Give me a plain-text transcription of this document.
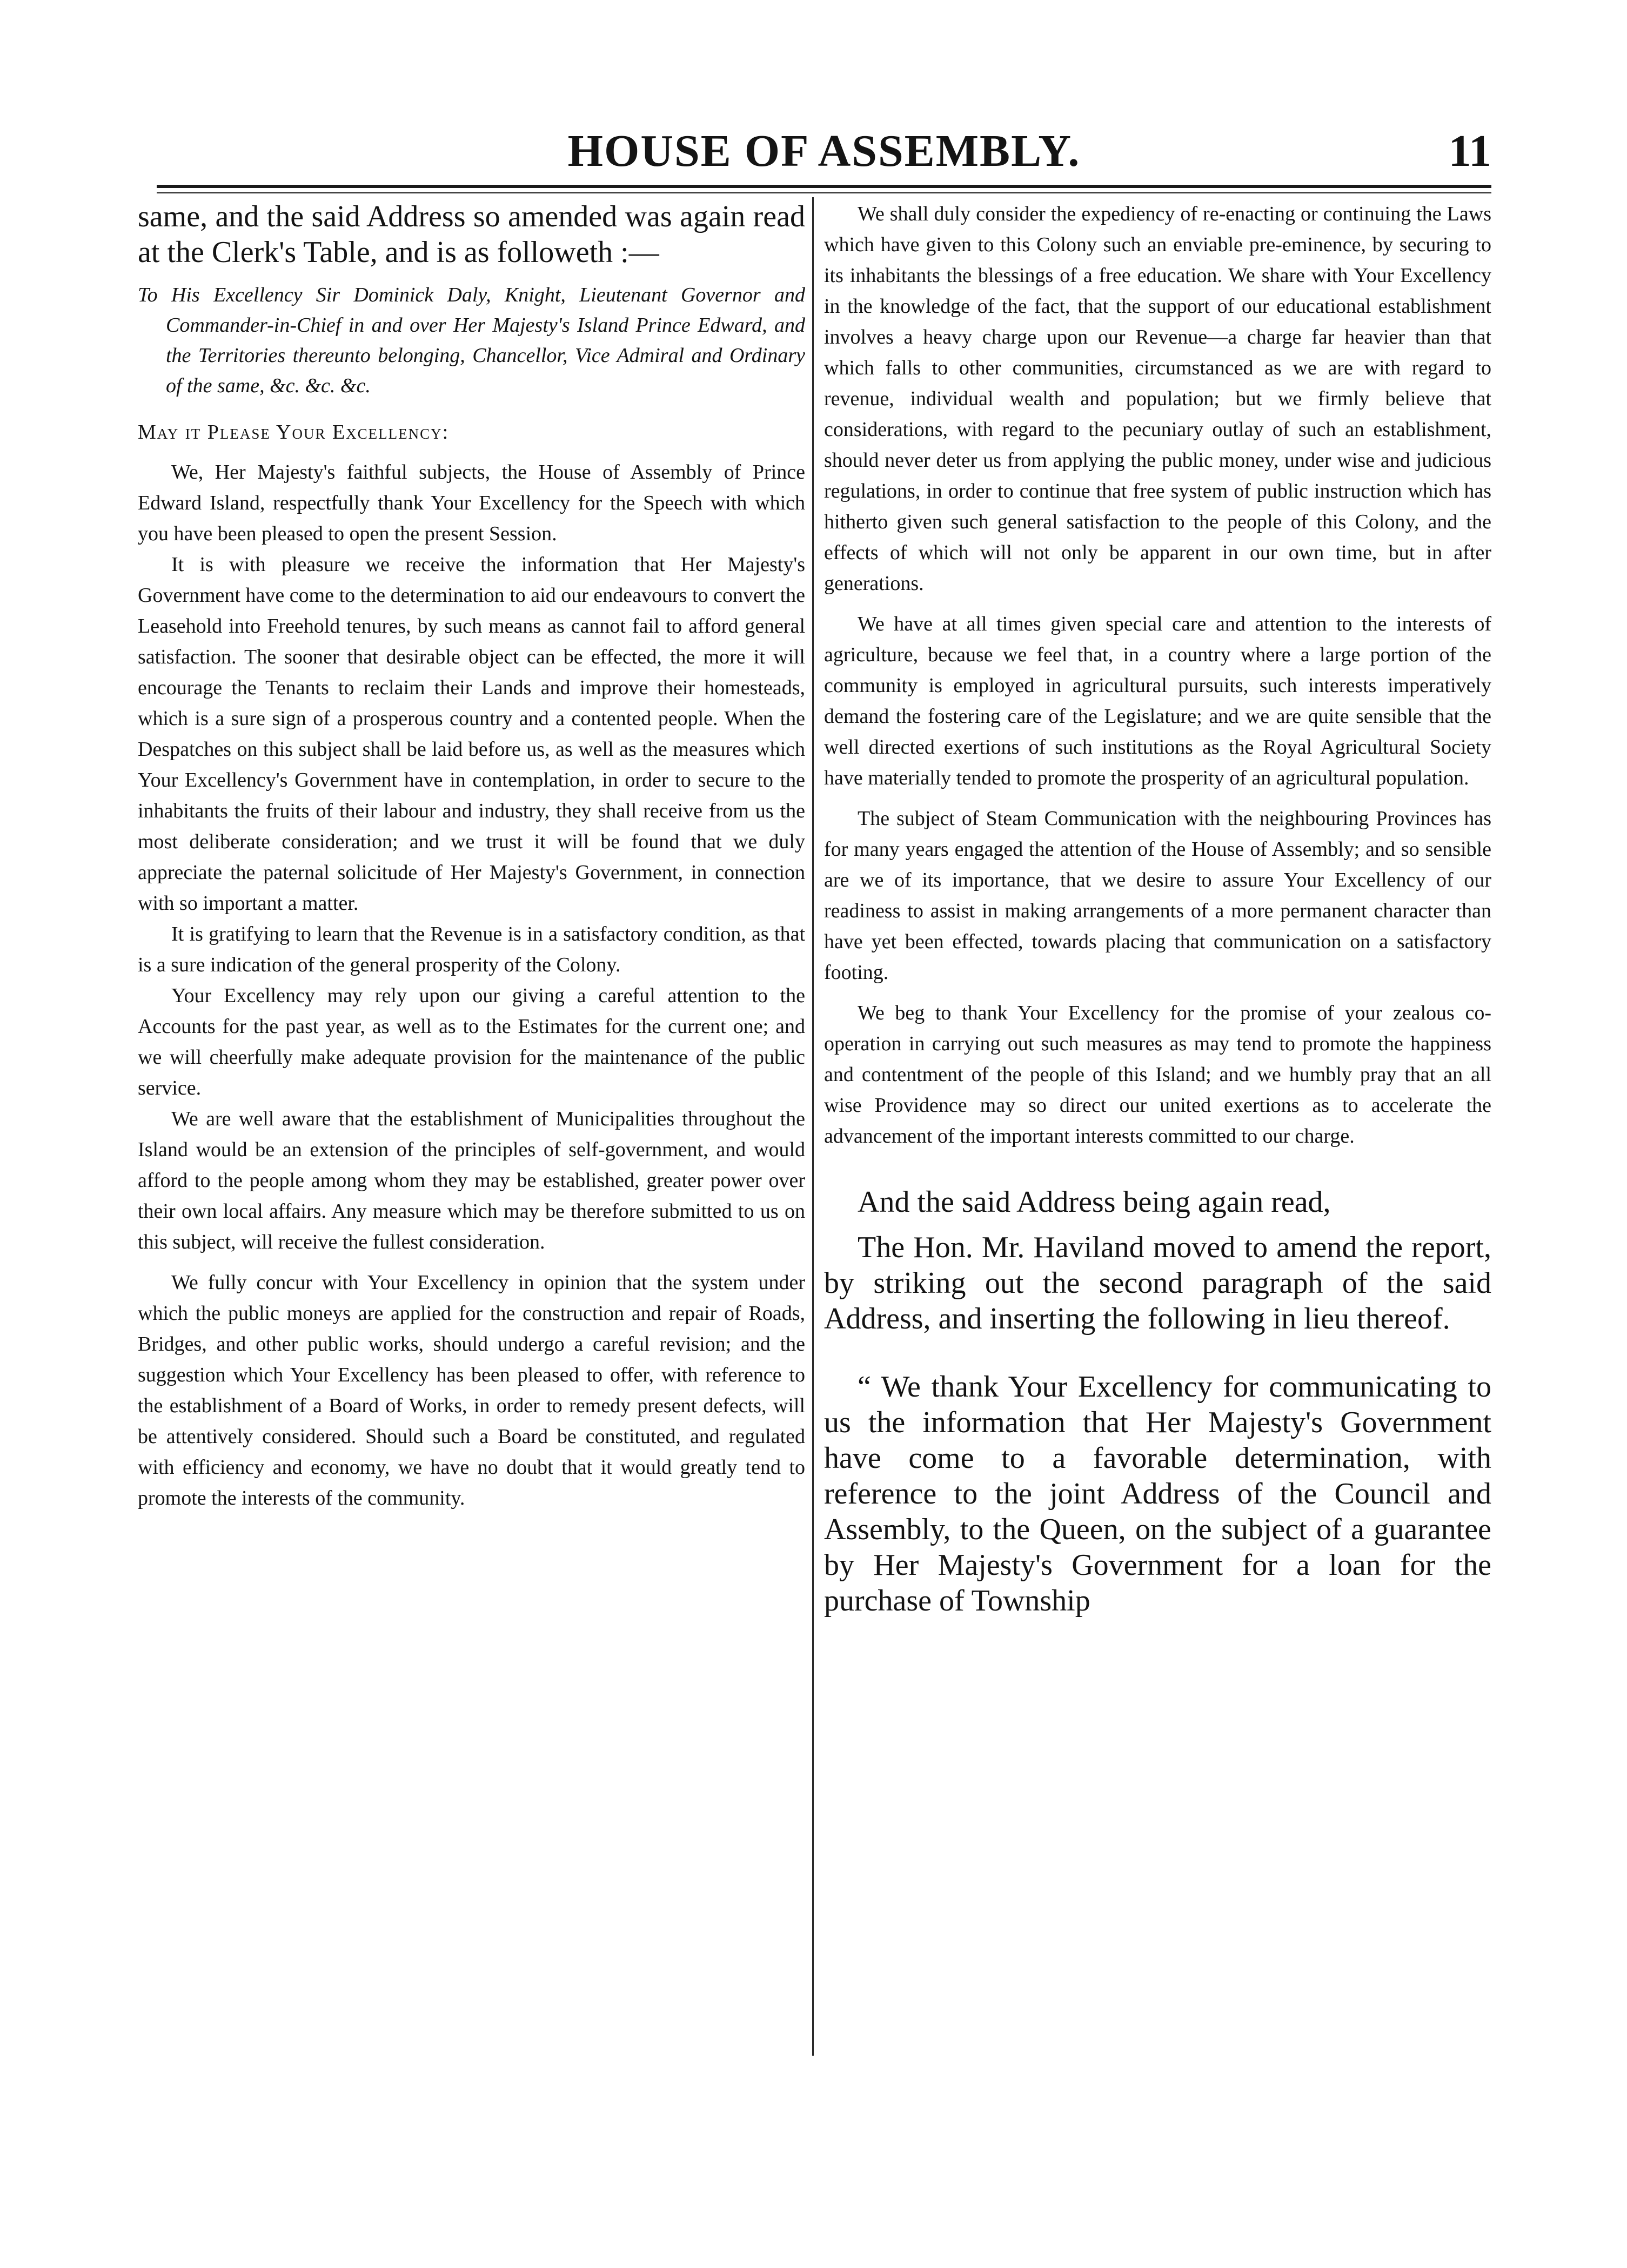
HOUSE OF ASSEMBLY.	11

same, and the said Address so amended was again read at the Clerk's Table, and is as followeth :—

To His Excellency Sir Dominick Daly, Knight, Lieutenant Governor and Commander-in-Chief in and over Her Majesty's Island Prince Edward, and the Territories thereunto belonging, Chancellor, Vice Admiral and Ordinary of the same, &c. &c. &c.

May it Please Your Excellency:

We, Her Majesty's faithful subjects, the House of Assembly of Prince Edward Island, respectfully thank Your Excellency for the Speech with which you have been pleased to open the present Session.

It is with pleasure we receive the information that Her Majesty's Government have come to the determination to aid our endeavours to convert the Leasehold into Freehold tenures, by such means as cannot fail to afford general satisfaction. The sooner that desirable object can be effected, the more it will encourage the Tenants to reclaim their Lands and improve their homesteads, which is a sure sign of a prosperous country and a contented people. When the Despatches on this subject shall be laid before us, as well as the measures which Your Excellency's Government have in contemplation, in order to secure to the inhabitants the fruits of their labour and industry, they shall receive from us the most deliberate consideration; and we trust it will be found that we duly appreciate the paternal solicitude of Her Majesty's Government, in connection with so important a matter.

It is gratifying to learn that the Revenue is in a satisfactory condition, as that is a sure indication of the general prosperity of the Colony.

Your Excellency may rely upon our giving a careful attention to the Accounts for the past year, as well as to the Estimates for the current one; and we will cheerfully make adequate provision for the maintenance of the public service.

We are well aware that the establishment of Municipalities throughout the Island would be an extension of the principles of self-government, and would afford to the people among whom they may be established, greater power over their own local affairs. Any measure which may be therefore submitted to us on this subject, will receive the fullest consideration.

We fully concur with Your Excellency in opinion that the system under which the public moneys are applied for the construction and repair of Roads, Bridges, and other public works, should undergo a careful revision; and the suggestion which Your Excellency has been pleased to offer, with reference to the establishment of a Board of Works, in order to remedy present defects, will be attentively considered. Should such a Board be constituted, and regulated with efficiency and economy, we have no doubt that it would greatly tend to promote the interests of the community.

We shall duly consider the expediency of re-enacting or continuing the Laws which have given to this Colony such an enviable pre-eminence, by securing to its inhabitants the blessings of a free education. We share with Your Excellency in the knowledge of the fact, that the support of our educational establishment involves a heavy charge upon our Revenue—a charge far heavier than that which falls to other communities, circumstanced as we are with regard to revenue, individual wealth and population; but we firmly believe that considerations, with regard to the pecuniary outlay of such an establishment, should never deter us from applying the public money, under wise and judicious regulations, in order to continue that free system of public instruction which has hitherto given such general satisfaction to the people of this Colony, and the effects of which will not only be apparent in our own time, but in after generations.

We have at all times given special care and attention to the interests of agriculture, because we feel that, in a country where a large portion of the community is employed in agricultural pursuits, such interests imperatively demand the fostering care of the Legislature; and we are quite sensible that the well directed exertions of such institutions as the Royal Agricultural Society have materially tended to promote the prosperity of an agricultural population.

The subject of Steam Communication with the neighbouring Provinces has for many years engaged the attention of the House of Assembly; and so sensible are we of its importance, that we desire to assure Your Excellency of our readiness to assist in making arrangements of a more permanent character than have yet been effected, towards placing that communication on a satisfactory footing.

We beg to thank Your Excellency for the promise of your zealous co-operation in carrying out such measures as may tend to promote the happiness and contentment of the people of this Island; and we humbly pray that an all wise Providence may so direct our united exertions as to accelerate the advancement of the important interests committed to our charge.

And the said Address being again read,

The Hon. Mr. Haviland moved to amend the report, by striking out the second paragraph of the said Address, and inserting the following in lieu thereof.

“ We thank Your Excellency for communicating to us the information that Her Majesty's Government have come to a favorable determination, with reference to the joint Address of the Council and Assembly, to the Queen, on the subject of a guarantee by Her Majesty's Government for a loan for the purchase of Township
